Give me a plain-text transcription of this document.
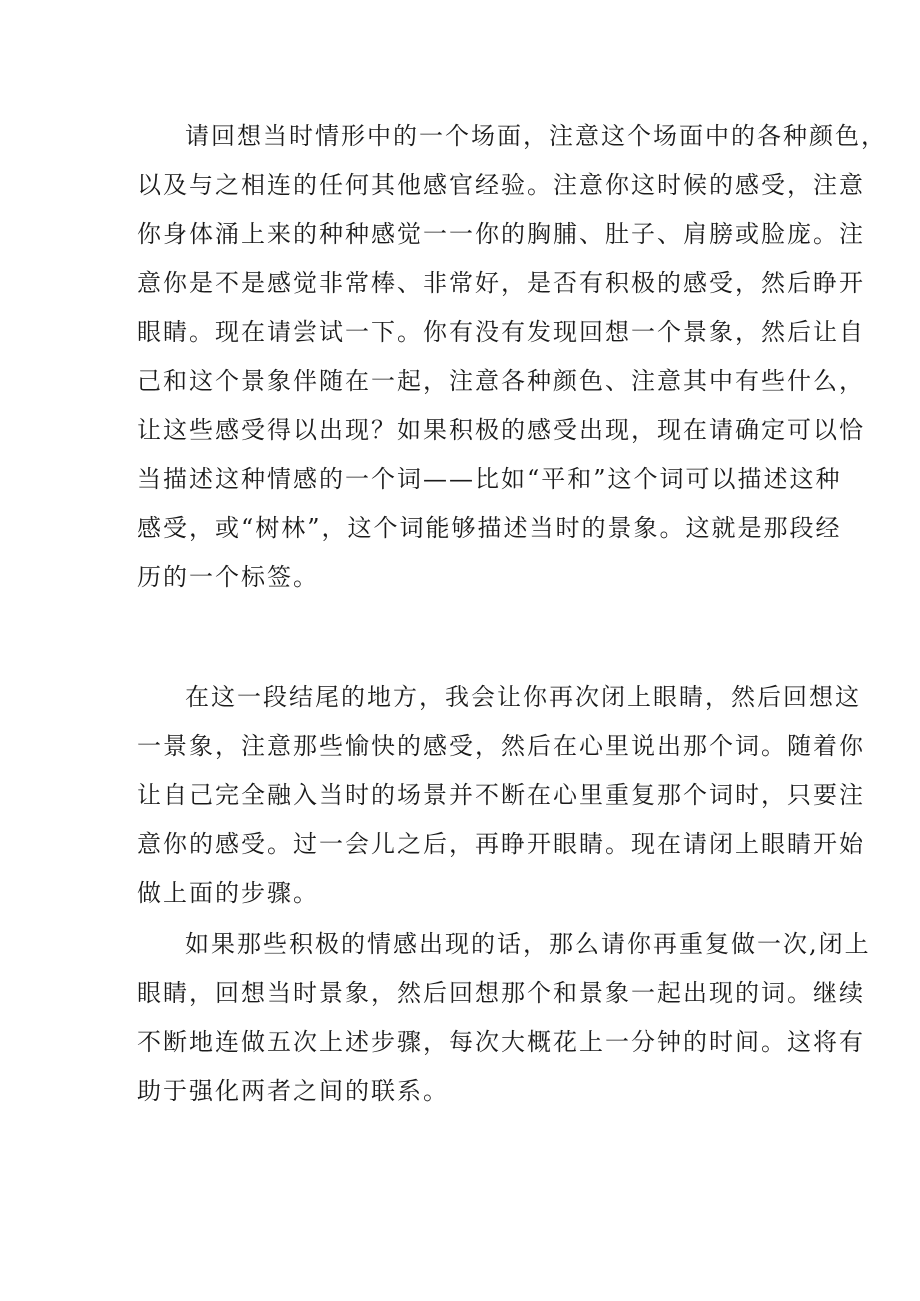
请回想当时情形中的一个场面，注意这个场面中的各种颜色，
以及与之相连的任何其他感官经验。注意你这时候的感受，注意
你身体涌上来的种种感觉一一你的胸脯、肚子、肩膀或脸庞。注
意你是不是感觉非常棒、非常好，是否有积极的感受，然后睁开
眼睛。现在请尝试一下。你有没有发现回想一个景象，然后让自
己和这个景象伴随在一起，注意各种颜色、注意其中有些什么，
让这些感受得以出现？如果积极的感受出现，现在请确定可以恰
当描述这种情感的一个词——比如“平和”这个词可以描述这种
感受，或“树林”，这个词能够描述当时的景象。这就是那段经
历的一个标签。
在这一段结尾的地方，我会让你再次闭上眼睛，然后回想这
一景象，注意那些愉快的感受，然后在心里说出那个词。随着你
让自己完全融入当时的场景并不断在心里重复那个词时，只要注
意你的感受。过一会儿之后，再睁开眼睛。现在请闭上眼睛开始
做上面的步骤。
如果那些积极的情感出现的话，那么请你再重复做一次,闭上
眼睛，回想当时景象，然后回想那个和景象一起出现的词。继续
不断地连做五次上述步骤，每次大概花上一分钟的时间。这将有
助于强化两者之间的联系。
